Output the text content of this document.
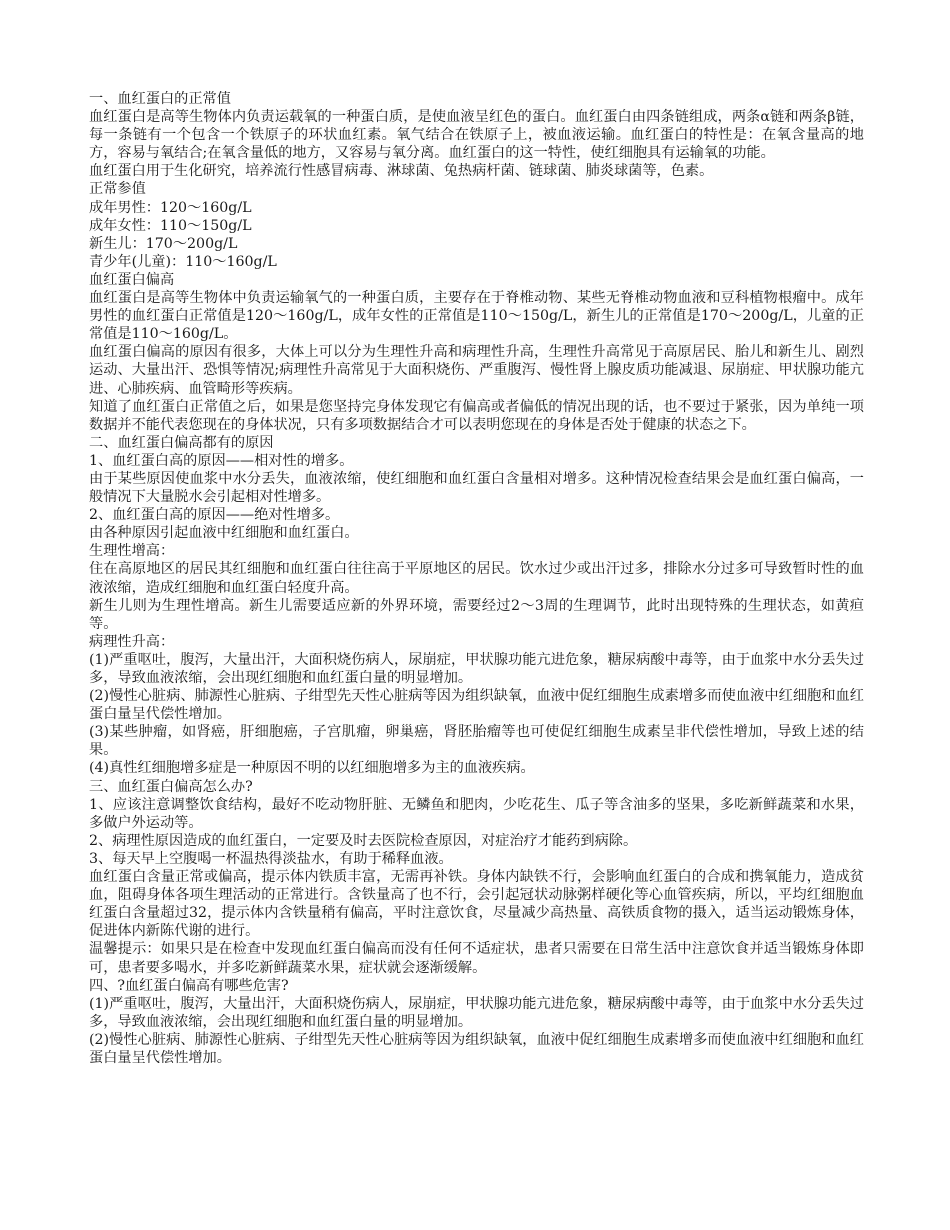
一、血红蛋白的正常值

血红蛋白是高等生物体内负责运载氧的一种蛋白质，是使血液呈红色的蛋白。血红蛋白由四条链组成，两条α链和两条β链，每一条链有一个包含一个铁原子的环状血红素。氧气结合在铁原子上，被血液运输。血红蛋白的特性是：在氧含量高的地方，容易与氧结合;在氧含量低的地方，又容易与氧分离。血红蛋白的这一特性，使红细胞具有运输氧的功能。

血红蛋白用于生化研究，培养流行性感冒病毒、淋球菌、兔热病杆菌、链球菌、肺炎球菌等，色素。

正常参值

成年男性：120～160g/L

成年女性：110～150g/L

新生儿：170～200g/L

青少年(儿童)：110～160g/L

血红蛋白偏高

血红蛋白是高等生物体中负责运输氧气的一种蛋白质，主要存在于脊椎动物、某些无脊椎动物血液和豆科植物根瘤中。成年男性的血红蛋白正常值是120～160g/L，成年女性的正常值是110～150g/L，新生儿的正常值是170～200g/L，儿童的正常值是110～160g/L。

血红蛋白偏高的原因有很多，大体上可以分为生理性升高和病理性升高，生理性升高常见于高原居民、胎儿和新生儿、剧烈运动、大量出汗、恐惧等情况;病理性升高常见于大面积烧伤、严重腹泻、慢性肾上腺皮质功能减退、尿崩症、甲状腺功能亢进、心肺疾病、血管畸形等疾病。

知道了血红蛋白正常值之后，如果是您坚持完身体发现它有偏高或者偏低的情况出现的话，也不要过于紧张，因为单纯一项数据并不能代表您现在的身体状况，只有多项数据结合才可以表明您现在的身体是否处于健康的状态之下。

二、血红蛋白偏高都有的原因

1、血红蛋白高的原因——相对性的增多。

由于某些原因使血浆中水分丢失，血液浓缩，使红细胞和血红蛋白含量相对增多。这种情况检查结果会是血红蛋白偏高，一般情况下大量脱水会引起相对性增多。

2、血红蛋白高的原因——绝对性增多。

由各种原因引起血液中红细胞和血红蛋白。

生理性增高：

住在高原地区的居民其红细胞和血红蛋白往往高于平原地区的居民。饮水过少或出汗过多，排除水分过多可导致暂时性的血液浓缩，造成红细胞和血红蛋白轻度升高。

新生儿则为生理性增高。新生儿需要适应新的外界环境，需要经过2～3周的生理调节，此时出现特殊的生理状态，如黄疸等。

病理性升高：

(1)严重呕吐，腹泻，大量出汗，大面积烧伤病人，尿崩症，甲状腺功能亢进危象，糖尿病酸中毒等，由于血浆中水分丢失过多，导致血液浓缩，会出现红细胞和血红蛋白量的明显增加。

(2)慢性心脏病、肺源性心脏病、子绀型先天性心脏病等因为组织缺氧，血液中促红细胞生成素增多而使血液中红细胞和血红蛋白量呈代偿性增加。

(3)某些肿瘤，如肾癌，肝细胞癌，子宫肌瘤，卵巢癌，肾胚胎瘤等也可使促红细胞生成素呈非代偿性增加，导致上述的结果。

(4)真性红细胞增多症是一种原因不明的以红细胞增多为主的血液疾病。

三、血红蛋白偏高怎么办?

1、应该注意调整饮食结构，最好不吃动物肝脏、无鳞鱼和肥肉，少吃花生、瓜子等含油多的坚果，多吃新鲜蔬菜和水果，多做户外运动等。

2、病理性原因造成的血红蛋白，一定要及时去医院检查原因，对症治疗才能药到病除。

3、每天早上空腹喝一杯温热得淡盐水，有助于稀释血液。

血红蛋白含量正常或偏高，提示体内铁质丰富，无需再补铁。身体内缺铁不行，会影响血红蛋白的合成和携氧能力，造成贫血，阻碍身体各项生理活动的正常进行。含铁量高了也不行，会引起冠状动脉粥样硬化等心血管疾病，所以，平均红细胞血红蛋白含量超过32，提示体内含铁量稍有偏高，平时注意饮食，尽量减少高热量、高铁质食物的摄入，适当运动锻炼身体，促进体内新陈代谢的进行。

温馨提示：如果只是在检查中发现血红蛋白偏高而没有任何不适症状，患者只需要在日常生活中注意饮食并适当锻炼身体即可，患者要多喝水，并多吃新鲜蔬菜水果，症状就会逐渐缓解。

四、?血红蛋白偏高有哪些危害?

(1)严重呕吐，腹泻，大量出汗，大面积烧伤病人，尿崩症，甲状腺功能亢进危象，糖尿病酸中毒等，由于血浆中水分丢失过多，导致血液浓缩，会出现红细胞和血红蛋白量的明显增加。

(2)慢性心脏病、肺源性心脏病、子绀型先天性心脏病等因为组织缺氧，血液中促红细胞生成素增多而使血液中红细胞和血红蛋白量呈代偿性增加。
